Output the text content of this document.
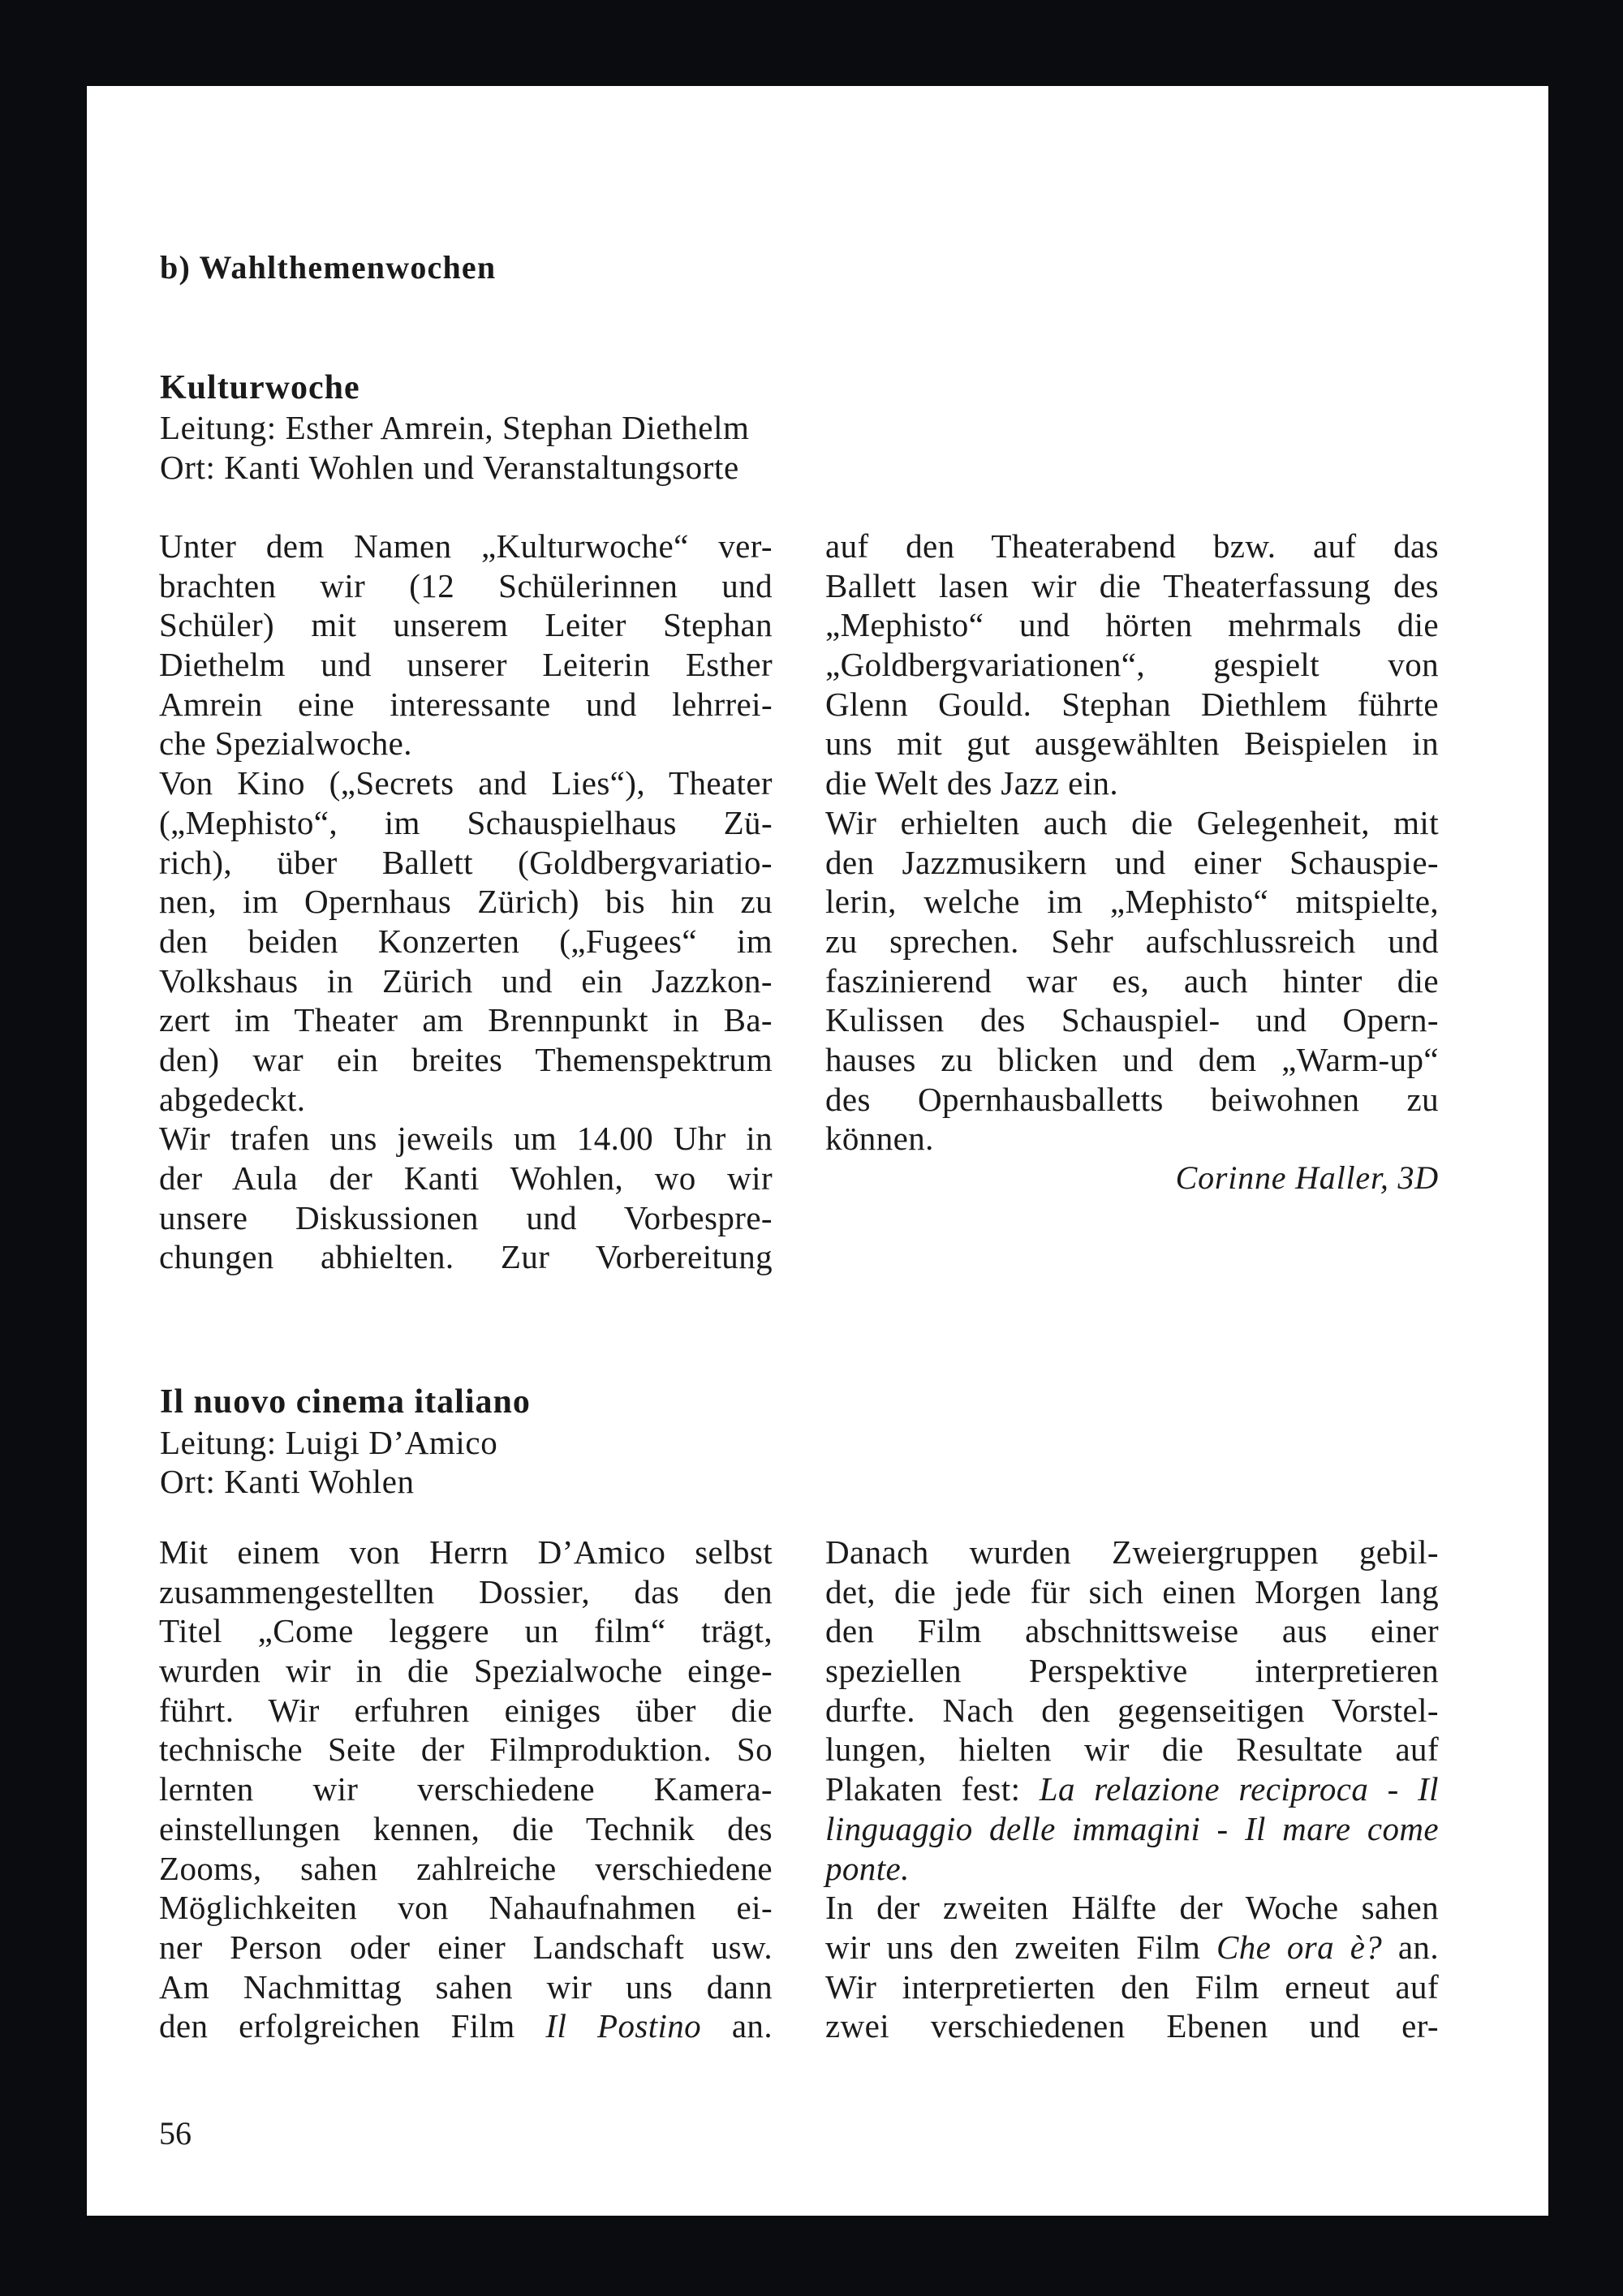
b) Wahlthemenwochen
Kulturwoche
Leitung: Esther Amrein, Stephan Diethelm
Ort: Kanti Wohlen und Veranstaltungsorte
Unter dem Namen „Kulturwoche“ ver-
brachten wir (12 Schülerinnen und
Schüler) mit unserem Leiter Stephan
Diethelm und unserer Leiterin Esther
Amrein eine interessante und lehrrei-
che Spezialwoche.
Von Kino („Secrets and Lies“), Theater
(„Mephisto“, im Schauspielhaus Zü-
rich), über Ballett (Goldbergvariatio-
nen, im Opernhaus Zürich) bis hin zu
den beiden Konzerten („Fugees“ im
Volkshaus in Zürich und ein Jazzkon-
zert im Theater am Brennpunkt in Ba-
den) war ein breites Themenspektrum
abgedeckt.
Wir trafen uns jeweils um 14.00 Uhr in
der Aula der Kanti Wohlen, wo wir
unsere Diskussionen und Vorbespre-
chungen abhielten. Zur Vorbereitung
auf den Theaterabend bzw. auf das
Ballett lasen wir die Theaterfassung des
„Mephisto“ und hörten mehrmals die
„Goldbergvariationen“, gespielt von
Glenn Gould. Stephan Diethlem führte
uns mit gut ausgewählten Beispielen in
die Welt des Jazz ein.
Wir erhielten auch die Gelegenheit, mit
den Jazzmusikern und einer Schauspie-
lerin, welche im „Mephisto“ mitspielte,
zu sprechen. Sehr aufschlussreich und
faszinierend war es, auch hinter die
Kulissen des Schauspiel- und Opern-
hauses zu blicken und dem „Warm-up“
des Opernhausballetts beiwohnen zu
können.
Corinne Haller, 3D
Il nuovo cinema italiano
Leitung: Luigi D’Amico
Ort: Kanti Wohlen
Mit einem von Herrn D’Amico selbst
zusammengestellten Dossier, das den
Titel „Come leggere un film“ trägt,
wurden wir in die Spezialwoche einge-
führt. Wir erfuhren einiges über die
technische Seite der Filmproduktion. So
lernten wir verschiedene Kamera-
einstellungen kennen, die Technik des
Zooms, sahen zahlreiche verschiedene
Möglichkeiten von Nahaufnahmen ei-
ner Person oder einer Landschaft usw.
Am Nachmittag sahen wir uns dann
den erfolgreichen Film Il Postino an.
Danach wurden Zweiergruppen gebil-
det, die jede für sich einen Morgen lang
den Film abschnittsweise aus einer
speziellen Perspektive interpretieren
durfte. Nach den gegenseitigen Vorstel-
lungen, hielten wir die Resultate auf
Plakaten fest: La relazione reciproca - Il
linguaggio delle immagini - Il mare come
ponte.
In der zweiten Hälfte der Woche sahen
wir uns den zweiten Film Che ora è? an.
Wir interpretierten den Film erneut auf
zwei verschiedenen Ebenen und er-
56
